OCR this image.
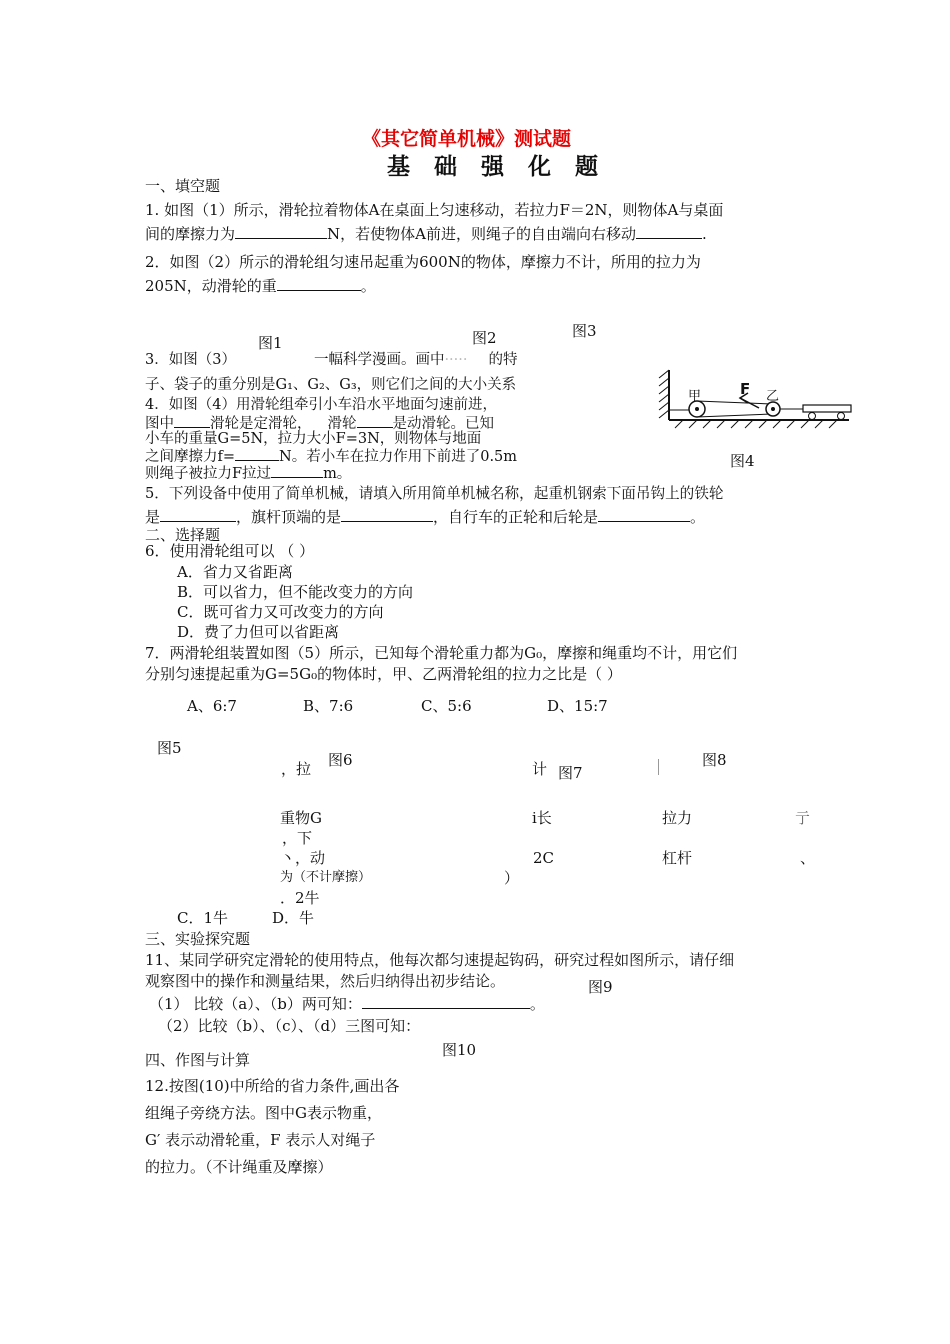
《其它简单机械》测试题
基 础 强 化 题
一、填空题
1. 如图（1）所示，滑轮拉着物体A在桌面上匀速移动，若拉力F＝2N，则物体A与桌面
间的摩擦力为	N，若使物体A前进，则绳子的自由端向右移动	.
2．如图（2）所示的滑轮组匀速吊起重为600N的物体，摩擦力不计，所用的拉力为
205N，动滑轮的重	。
图1	图2	图3
3．如图（3）	一幅科学漫画。画中····· 的特
子、袋子的重分别是G₁、G₂、G₃，则它们之间的大小关系
4．如图（4）用滑轮组牵引小车沿水平地面匀速前进，
图中 滑轮是定滑轮， 滑轮 是动滑轮。已知
小车的重量G=5N，拉力大小F=3N，则物体与地面
之间摩擦力f=	N。若小车在拉力作用下前进了0.5m
则绳子被拉力F拉过	m。
甲	F 乙
图4
5．下列设备中使用了简单机械，请填入所用简单机械名称，起重机钢索下面吊钩上的铁轮
是	，旗杆顶端的是	，自行车的正轮和后轮是	。
二、选择题
6．使用滑轮组可以 （ ）
A．省力又省距离
B．可以省力，但不能改变力的方向
C．既可省力又可改变力的方向
D．费了力但可以省距离
7．两滑轮组装置如图（5）所示，已知每个滑轮重力都为G₀，摩擦和绳重均不计，用它们
分别匀速提起重为G=5G₀的物体时，甲、乙两滑轮组的拉力之比是（ ）
A、6:7	B、7:6	C、5:6	D、15:7
图5
图6
图7
图8
，拉	计
重物G	i长	拉力	亍
，下
丶，动	2C	杠杆	、
为（不计摩擦）	）
．2牛
C．1牛	D．牛
三、实验探究题
11、某同学研究定滑轮的使用特点，他每次都匀速提起钩码，研究过程如图所示，请仔细
观察图中的操作和测量结果，然后归纳得出初步结论。	图9
（1） 比较（a）、（b）两可知：	。
（2）比较（b）、（c）、（d）三图可知：
图10
四、作图与计算
12.按图(10)中所给的省力条件,画出各
组绳子旁绕方法。图中G表示物重，
G′ 表示动滑轮重，F 表示人对绳子
的拉力。（不计绳重及摩擦）
